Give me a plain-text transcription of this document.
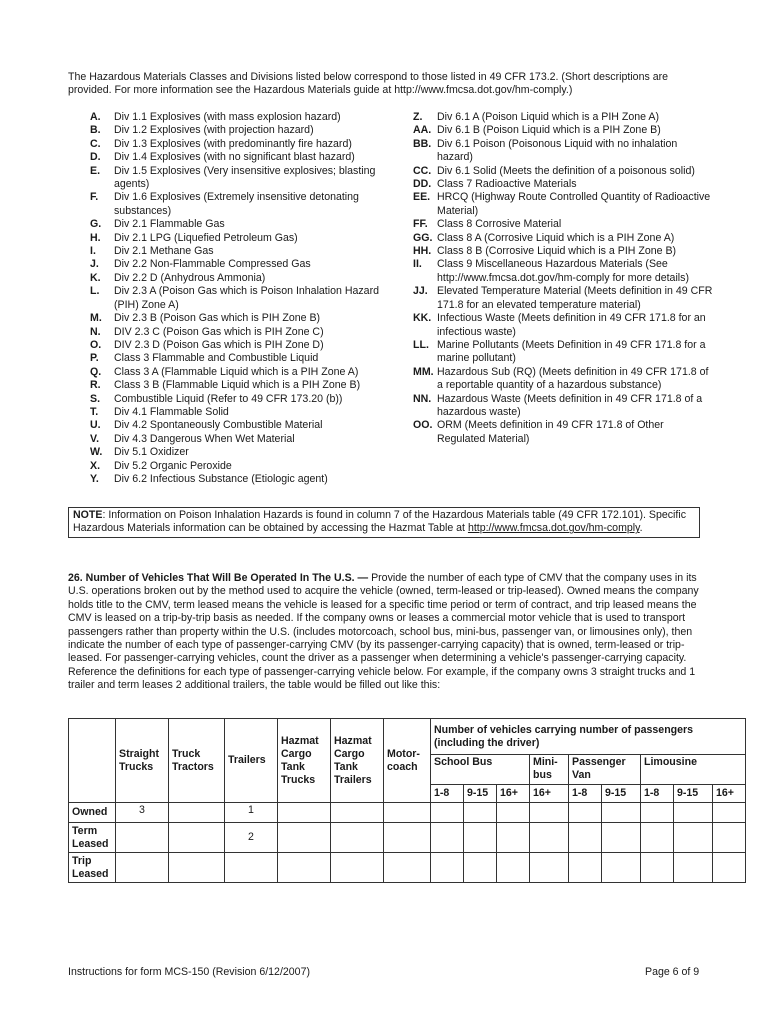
The Hazardous Materials Classes and Divisions listed below correspond to those listed in 49 CFR 173.2. (Short descriptions are provided. For more information see the Hazardous Materials guide at http://www.fmcsa.dot.gov/hm-comply.)
A.	Div 1.1 Explosives (with mass explosion hazard)
B.	Div 1.2 Explosives (with projection hazard)
C.	Div 1.3 Explosives (with predominantly fire hazard)
D.	Div 1.4 Explosives (with no significant blast hazard)
E.	Div 1.5 Explosives (Very insensitive explosives; blasting agents)
F.	Div 1.6 Explosives (Extremely insensitive detonating substances)
G.	Div 2.1 Flammable Gas
H.	Div 2.1 LPG (Liquefied Petroleum Gas)
I.	Div 2.1 Methane Gas
J.	Div 2.2 Non-Flammable Compressed Gas
K.	Div 2.2 D (Anhydrous Ammonia)
L.	Div 2.3 A (Poison Gas which is Poison Inhalation Hazard (PIH) Zone A)
M.	Div 2.3 B (Poison Gas which is PIH Zone B)
N.	DIV 2.3 C (Poison Gas which is PIH Zone C)
O.	DIV 2.3 D (Poison Gas which is PIH Zone D)
P.	Class 3 Flammable and Combustible Liquid
Q.	Class 3 A (Flammable Liquid which is a PIH Zone A)
R.	Class 3 B (Flammable Liquid which is a PIH Zone B)
S.	Combustible Liquid (Refer to 49 CFR 173.20 (b))
T.	Div 4.1 Flammable Solid
U.	Div 4.2 Spontaneously Combustible Material
V.	Div 4.3 Dangerous When Wet Material
W.	Div 5.1 Oxidizer
X.	Div 5.2 Organic Peroxide
Y.	Div 6.2 Infectious Substance (Etiologic agent)
Z.	Div 6.1 A (Poison Liquid which is a PIH Zone A)
AA. Div 6.1 B (Poison Liquid which is a PIH Zone B)
BB. Div 6.1 Poison (Poisonous Liquid with no inhalation hazard)
CC. Div 6.1 Solid (Meets the definition of a poisonous solid)
DD. Class 7 Radioactive Materials
EE. HRCQ (Highway Route Controlled Quantity of Radioactive Material)
FF. Class 8 Corrosive Material
GG. Class 8 A (Corrosive Liquid which is a PIH Zone A)
HH. Class 8 B (Corrosive Liquid which is a PIH Zone B)
II.	Class 9 Miscellaneous Hazardous Materials (See http://www.fmcsa.dot.gov/hm-comply for more details)
JJ. Elevated Temperature Material (Meets definition in 49 CFR 171.8 for an elevated temperature material)
KK. Infectious Waste (Meets definition in 49 CFR 171.8 for an infectious waste)
LL. Marine Pollutants (Meets Definition in 49 CFR 171.8 for a marine pollutant)
MM. Hazardous Sub (RQ) (Meets definition in 49 CFR 171.8 of a reportable quantity of a hazardous substance)
NN. Hazardous Waste (Meets definition in 49 CFR 171.8 of a hazardous waste)
OO. ORM (Meets definition in 49 CFR 171.8 of Other Regulated Material)
NOTE: Information on Poison Inhalation Hazards is found in column 7 of the Hazardous Materials table (49 CFR 172.101). Specific Hazardous Materials information can be obtained by accessing the Hazmat Table at http://www.fmcsa.dot.gov/hm-comply.
26. Number of Vehicles That Will Be Operated In The U.S. — Provide the number of each type of CMV that the company uses in its U.S. operations broken out by the method used to acquire the vehicle (owned, term-leased or trip-leased). Owned means the company holds title to the CMV, term leased means the vehicle is leased for a specific time period or term of contract, and trip leased means the CMV is leased on a trip-by-trip basis as needed. If the company owns or leases a commercial motor vehicle that is used to transport passengers rather than property within the U.S. (includes motorcoach, school bus, mini-bus, passenger van, or limousines only), then indicate the number of each type of passenger-carrying CMV (by its passenger-carrying capacity) that is owned, term-leased or trip-leased. For passenger-carrying vehicles, count the driver as a passenger when determining a vehicle's passenger-carrying capacity. Reference the definitions for each type of passenger-carrying vehicle below. For example, if the company owns 3 straight trucks and 1 trailer and term leases 2 additional trailers, the table would be filled out like this:
	Straight Trucks	Truck Tractors	Trailers	Hazmat Cargo Tank Trucks	Hazmat Cargo Tank Trailers	Motor-coach	Number of vehicles carrying number of passengers (including the driver)								
							School Bus			Mini-bus	Passenger Van		Limousine		
							1-8	9-15	16+	16+	1-8	9-15	1-8	9-15	16+
Owned	3		1												
Term Leased			2												
Trip Leased															
Instructions for form MCS-150 (Revision 6/12/2007)	Page 6 of 9
